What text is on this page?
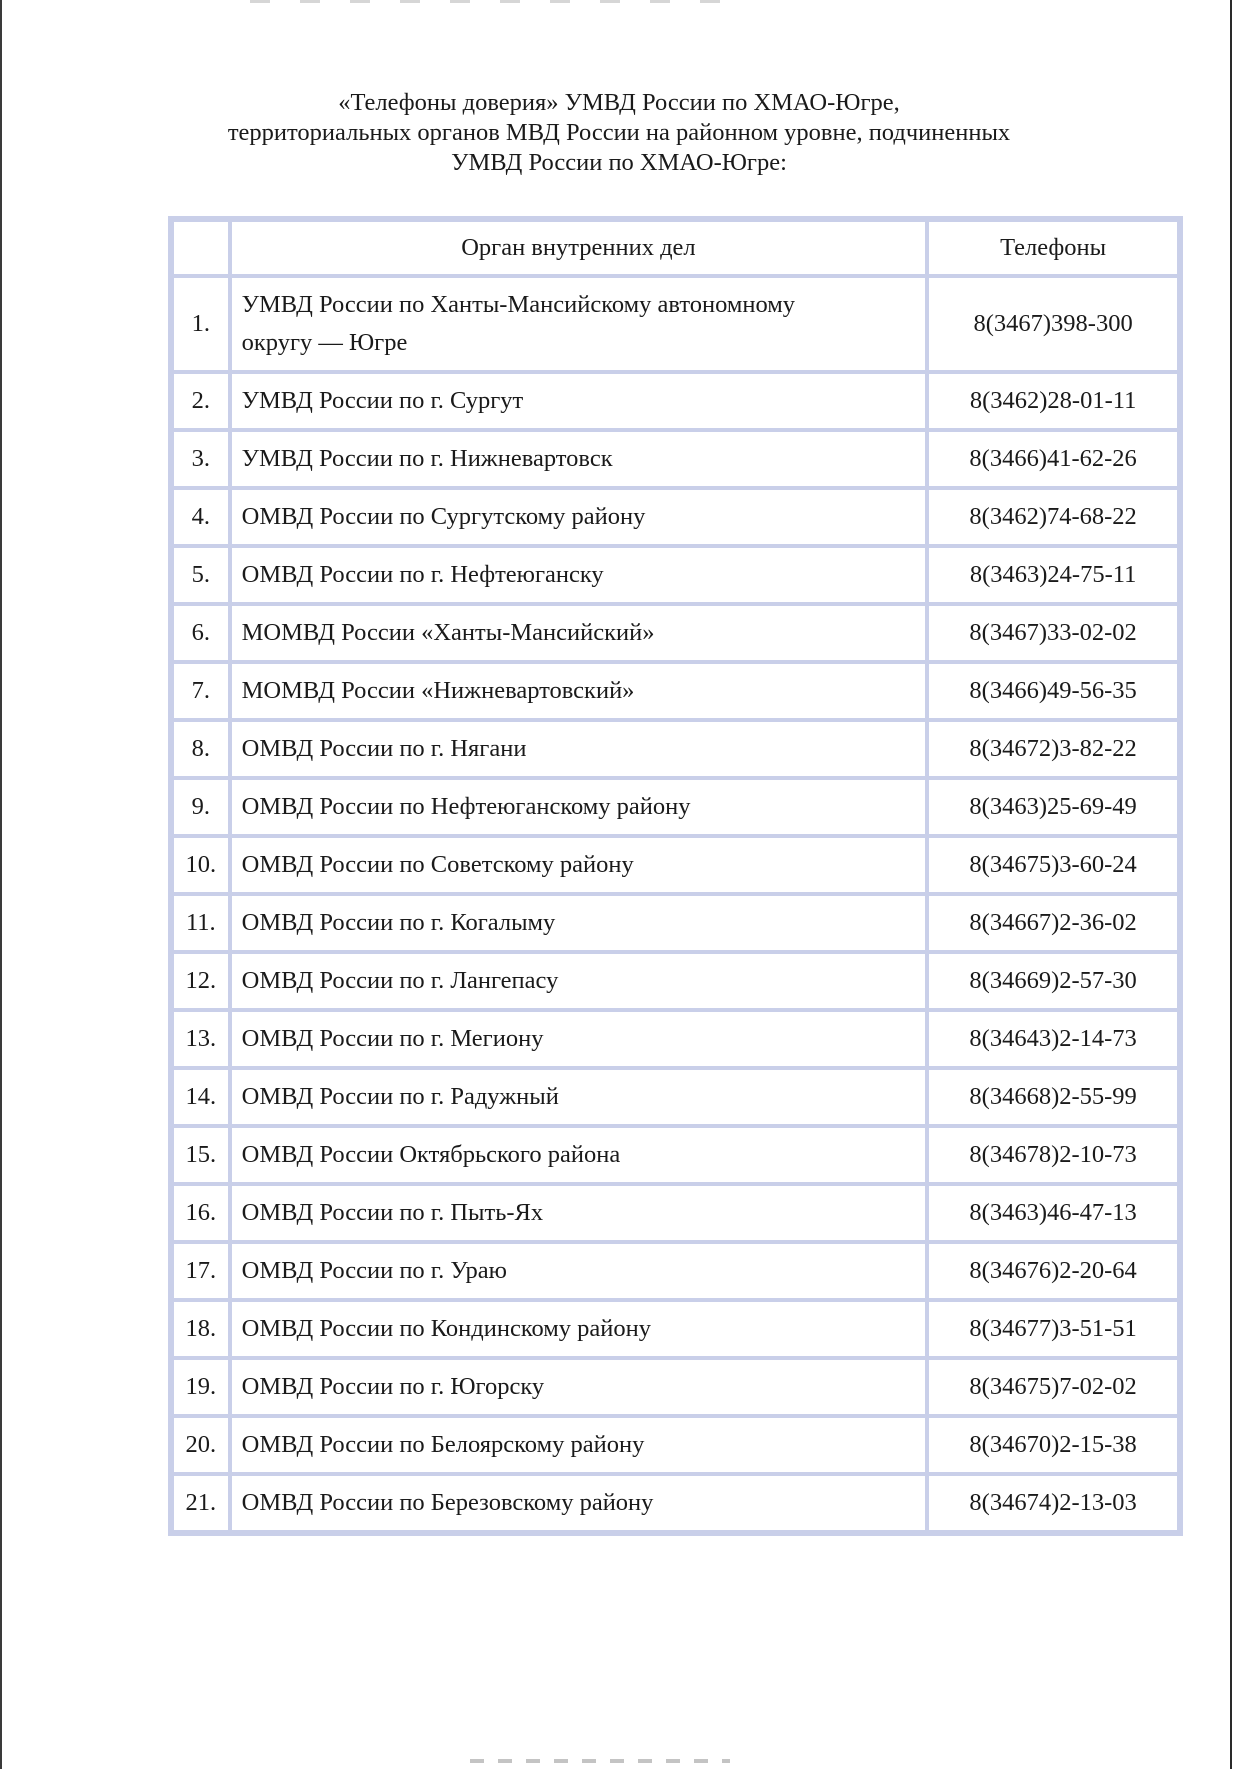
«Телефоны доверия» УМВД России по ХМАО-Югре,
территориальных органов МВД России на районном уровне, подчиненных
УМВД России по ХМАО-Югре:
	Орган внутренних дел	Телефоны
1.	УМВД России по Ханты-Мансийскому автономному
округу — Югре	8(3467)398-300
2.	УМВД России по г. Сургут	8(3462)28-01-11
3.	УМВД России по г. Нижневартовск	8(3466)41-62-26
4.	ОМВД России по Сургутскому району	8(3462)74-68-22
5.	ОМВД России по г. Нефтеюганску	8(3463)24-75-11
6.	МОМВД России «Ханты-Мансийский»	8(3467)33-02-02
7.	МОМВД России «Нижневартовский»	8(3466)49-56-35
8.	ОМВД России по г. Нягани	8(34672)3-82-22
9.	ОМВД России по Нефтеюганскому району	8(3463)25-69-49
10.	ОМВД России по Советскому району	8(34675)3-60-24
11.	ОМВД России по г. Когалыму	8(34667)2-36-02
12.	ОМВД России по г. Лангепасу	8(34669)2-57-30
13.	ОМВД России по г. Мегиону	8(34643)2-14-73
14.	ОМВД России по г. Радужный	8(34668)2-55-99
15.	ОМВД России Октябрьского района	8(34678)2-10-73
16.	ОМВД России по г. Пыть-Ях	8(3463)46-47-13
17.	ОМВД России по г. Ураю	8(34676)2-20-64
18.	ОМВД России по Кондинскому району	8(34677)3-51-51
19.	ОМВД России по г. Югорску	8(34675)7-02-02
20.	ОМВД России по Белоярскому району	8(34670)2-15-38
21.	ОМВД России по Березовскому району	8(34674)2-13-03
